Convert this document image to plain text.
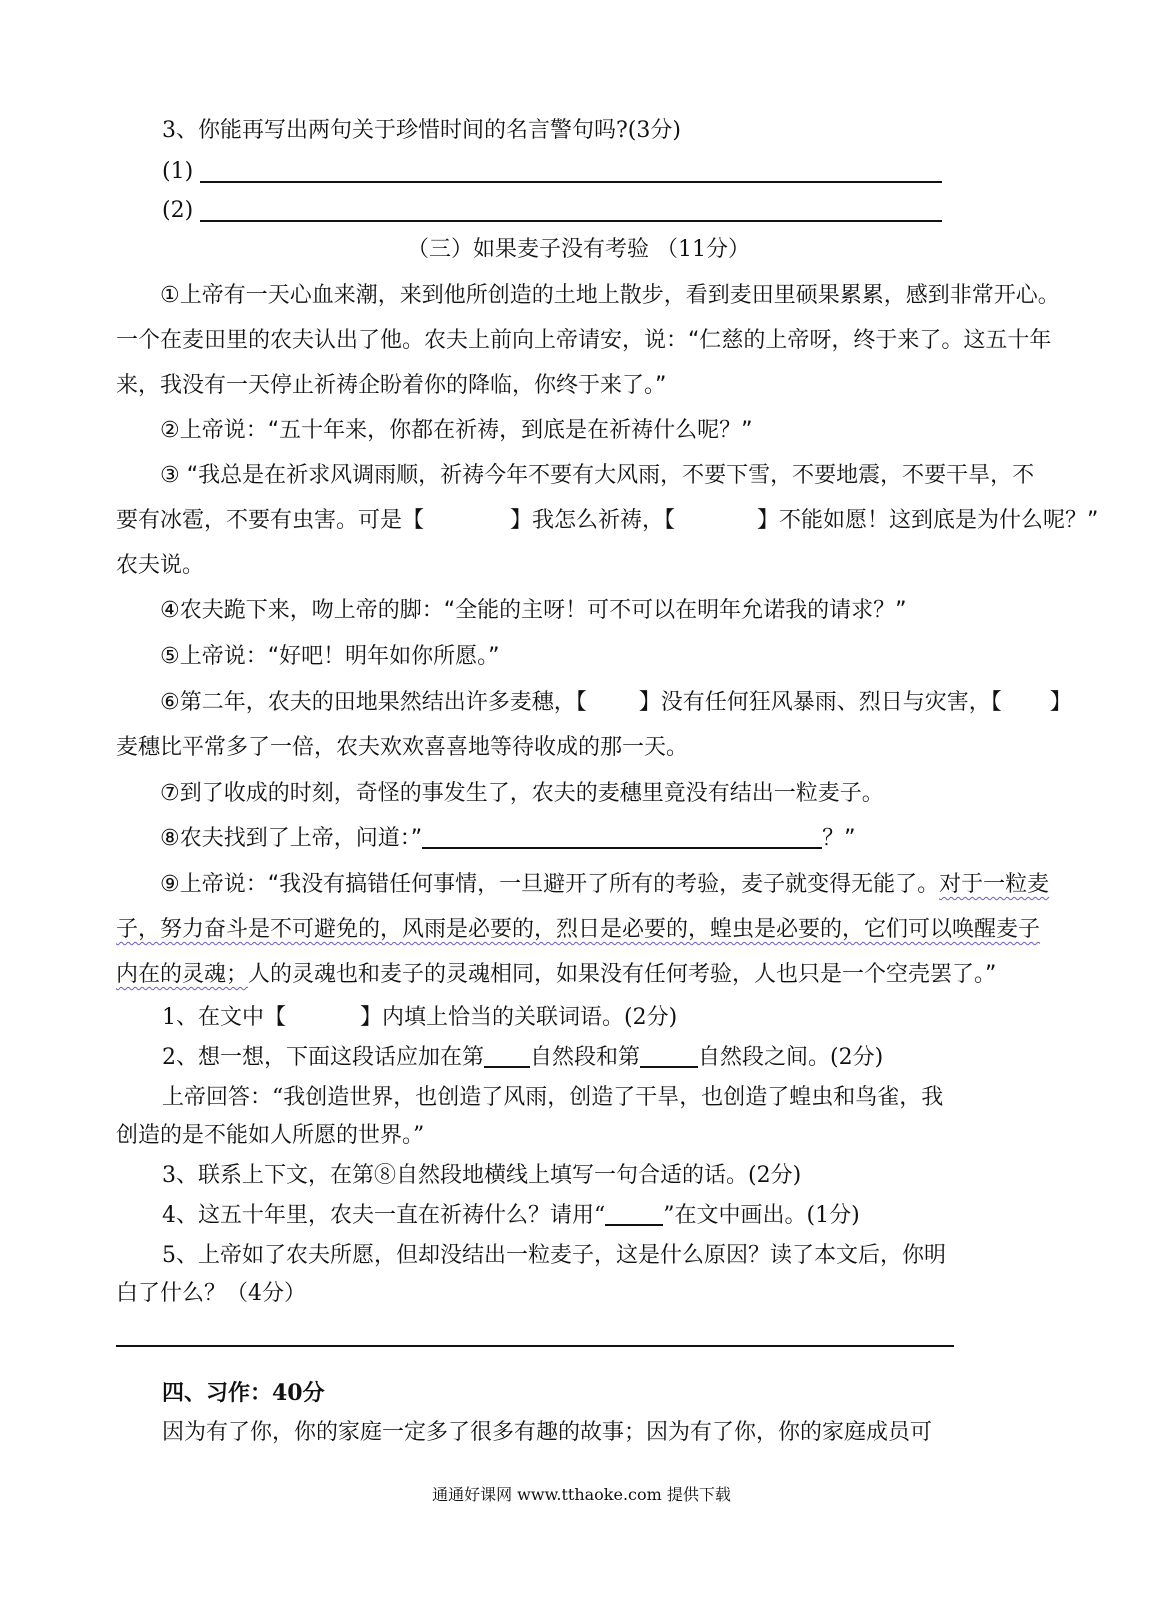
3、你能再写出两句关于珍惜时间的名言警句吗?(3分)
(1)
(2)
（三）如果麦子没有考验 （11分）
①上帝有一天心血来潮，来到他所创造的土地上散步，看到麦田里硕果累累，感到非常开心。
一个在麦田里的农夫认出了他。农夫上前向上帝请安，说：“仁慈的上帝呀，终于来了。这五十年
来，我没有一天停止祈祷企盼着你的降临，你终于来了。”
②上帝说：“五十年来，你都在祈祷，到底是在祈祷什么呢？”
③ “我总是在祈求风调雨顺，祈祷今年不要有大风雨，不要下雪，不要地震，不要干旱，不
要有冰雹，不要有虫害。可是【	】我怎么祈祷，【	】不能如愿！这到底是为什么呢？”
农夫说。
④农夫跪下来，吻上帝的脚：“全能的主呀！可不可以在明年允诺我的请求？”
⑤上帝说：“好吧！明年如你所愿。”
⑥第二年，农夫的田地果然结出许多麦穗，【 】没有任何狂风暴雨、烈日与灾害，【 】
麦穗比平常多了一倍，农夫欢欢喜喜地等待收成的那一天。
⑦到了收成的时刻，奇怪的事发生了，农夫的麦穗里竟没有结出一粒麦子。
⑧农夫找到了上帝，问道：”	？”
⑨上帝说：“我没有搞错任何事情，一旦避开了所有的考验，麦子就变得无能了。对于一粒麦
子，努力奋斗是不可避免的，风雨是必要的，烈日是必要的，蝗虫是必要的，它们可以唤醒麦子
内在的灵魂；人的灵魂也和麦子的灵魂相同，如果没有任何考验，人也只是一个空壳罢了。”
1、在文中【	】内填上恰当的关联词语。(2分)
2、想一想，下面这段话应加在第 自然段和第	自然段之间。(2分)
上帝回答：“我创造世界，也创造了风雨，创造了干旱，也创造了蝗虫和鸟雀，我
创造的是不能如人所愿的世界。”
3、联系上下文，在第⑧自然段地横线上填写一句合适的话。(2分)
4、这五十年里，农夫一直在祈祷什么？请用“	”在文中画出。(1分)
5、上帝如了农夫所愿，但却没结出一粒麦子，这是什么原因？读了本文后，你明
白了什么？（4分）
四、习作：40分
因为有了你，你的家庭一定多了很多有趣的故事；因为有了你，你的家庭成员可
通通好课网 www.tthaoke.com 提供下载
